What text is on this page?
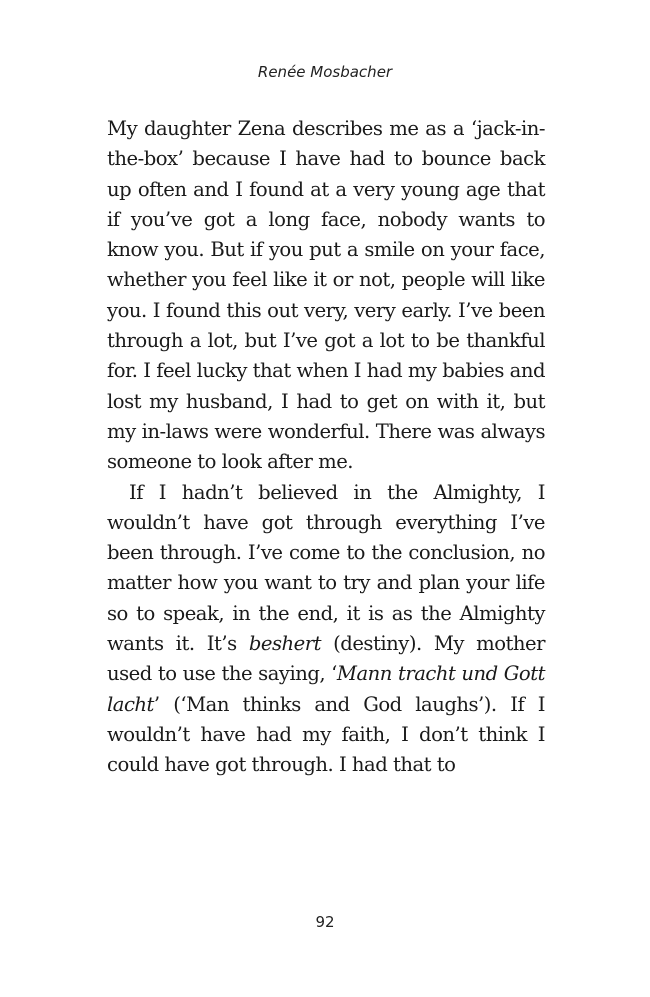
Renée Mosbacher

My daughter Zena describes me as a ‘jack-in-the-box’ because I have had to bounce back up often and I found at a very young age that if you’ve got a long face, nobody wants to know you. But if you put a smile on your face, whether you feel like it or not, people will like you. I found this out very, very early. I’ve been through a lot, but I’ve got a lot to be thankful for. I feel lucky that when I had my babies and lost my husband, I had to get on with it, but my in-laws were wonderful. There was always someone to look after me.

If I hadn’t believed in the Almighty, I wouldn’t have got through everything I’ve been through. I’ve come to the conclusion, no matter how you want to try and plan your life so to speak, in the end, it is as the Almighty wants it. It’s beshert (destiny). My mother used to use the saying, ‘Mann tracht und Gott lacht’ (‘Man thinks and God laughs’). If I wouldn’t have had my faith, I don’t think I could have got through. I had that to

92
